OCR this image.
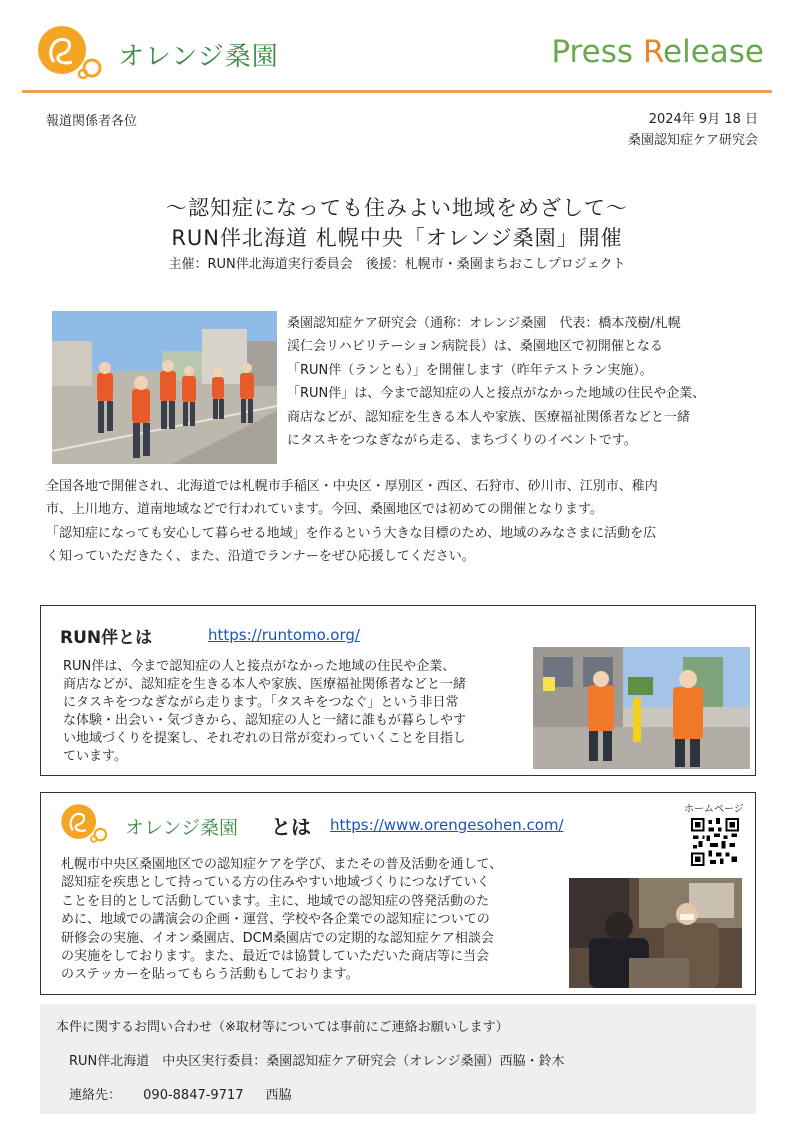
オレンジ桑園	Press Release
報道関係者各位	2024年 9月 18 日
桑園認知症ケア研究会
～認知症になっても住みよい地域をめざして～
RUN伴北海道 札幌中央「オレンジ桑園」開催
主催：RUN伴北海道実行委員会　後援：札幌市・桑園まちおこしプロジェクト
桑園認知症ケア研究会（通称：オレンジ桑園　代表：橋本茂樹/札幌
渓仁会リハビリテーション病院長）は、桑園地区で初開催となる
「RUN伴（ランとも）」を開催します（昨年テストラン実施）。
「RUN伴」は、今まで認知症の人と接点がなかった地域の住民や企業、
商店などが、認知症を生きる本人や家族、医療福祉関係者などと一緒
にタスキをつなぎながら走る、まちづくりのイベントです。
全国各地で開催され、北海道では札幌市手稲区・中央区・厚別区・西区、石狩市、砂川市、江別市、稚内
市、上川地方、道南地域などで行われています。今回、桑園地区では初めての開催となります。
「認知症になっても安心して暮らせる地域」を作るという大きな目標のため、地域のみなさまに活動を広
く知っていただきたく、また、沿道でランナーをぜひ応援してください。
RUN伴とは	https://runtomo.org/
RUN伴は、今まで認知症の人と接点がなかった地域の住民や企業、
商店などが、認知症を生きる本人や家族、医療福祉関係者などと一緒
にタスキをつなぎながら走ります。「タスキをつなぐ」という非日常
な体験・出会い・気づきから、認知症の人と一緒に誰もが暮らしやす
い地域づくりを提案し、それぞれの日常が変わっていくことを目指し
ています。
オレンジ桑園 とは https://www.orengesohen.com/
ホームページ
札幌市中央区桑園地区での認知症ケアを学び、またその普及活動を通して、
認知症を疾患として持っている方の住みやすい地域づくりにつなげていく
ことを目的として活動しています。主に、地域での認知症の啓発活動のた
めに、地域での講演会の企画・運営、学校や各企業での認知症についての
研修会の実施、イオン桑園店、DCM桑園店での定期的な認知症ケア相談会
の実施をしております。また、最近では協賛していただいた商店等に当会
のステッカーを貼ってもらう活動もしております。
本件に関するお問い合わせ（※取材等については事前にご連絡お願いします）
RUN伴北海道　中央区実行委員：桑園認知症ケア研究会（オレンジ桑園）西脇・鈴木
連絡先： 090-8847-9717 西脇
